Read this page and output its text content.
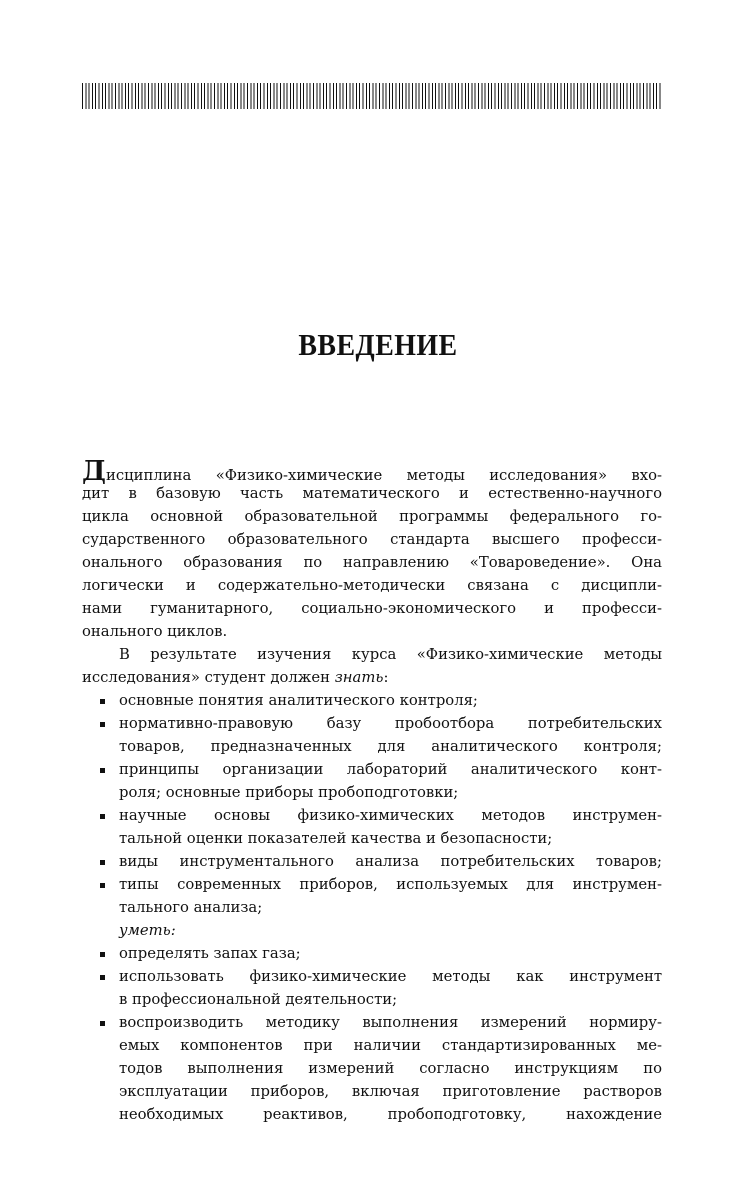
ВВЕДЕНИЕ
Дисциплина «Физико-химические методы исследования» вхо-
дит в базовую часть математического и естественно-научного
цикла основной образовательной программы федерального го-
сударственного образовательного стандарта высшего професси-
онального образования по направлению «Товароведение». Она
логически и содержательно-методически связана с дисципли-
нами гуманитарного, социально-экономического и професси-
онального циклов.
В результате изучения курса «Физико-химические методы
исследования» студент должен знать:
основные понятия аналитического контроля;
нормативно-правовую базу пробоотбора потребительских
товаров, предназначенных для аналитического контроля;
принципы организации лабораторий аналитического конт-
роля; основные приборы пробоподготовки;
научные основы физико-химических методов инструмен-
тальной оценки показателей качества и безопасности;
виды инструментального анализа потребительских товаров;
типы современных приборов, используемых для инструмен-
тального анализа;
уметь:
определять запах газа;
использовать физико-химические методы как инструмент
в профессиональной деятельности;
воспроизводить методику выполнения измерений нормиру-
емых компонентов при наличии стандартизированных ме-
тодов выполнения измерений согласно инструкциям по
эксплуатации приборов, включая приготовление растворов
необходимых реактивов, пробоподготовку, нахождение
